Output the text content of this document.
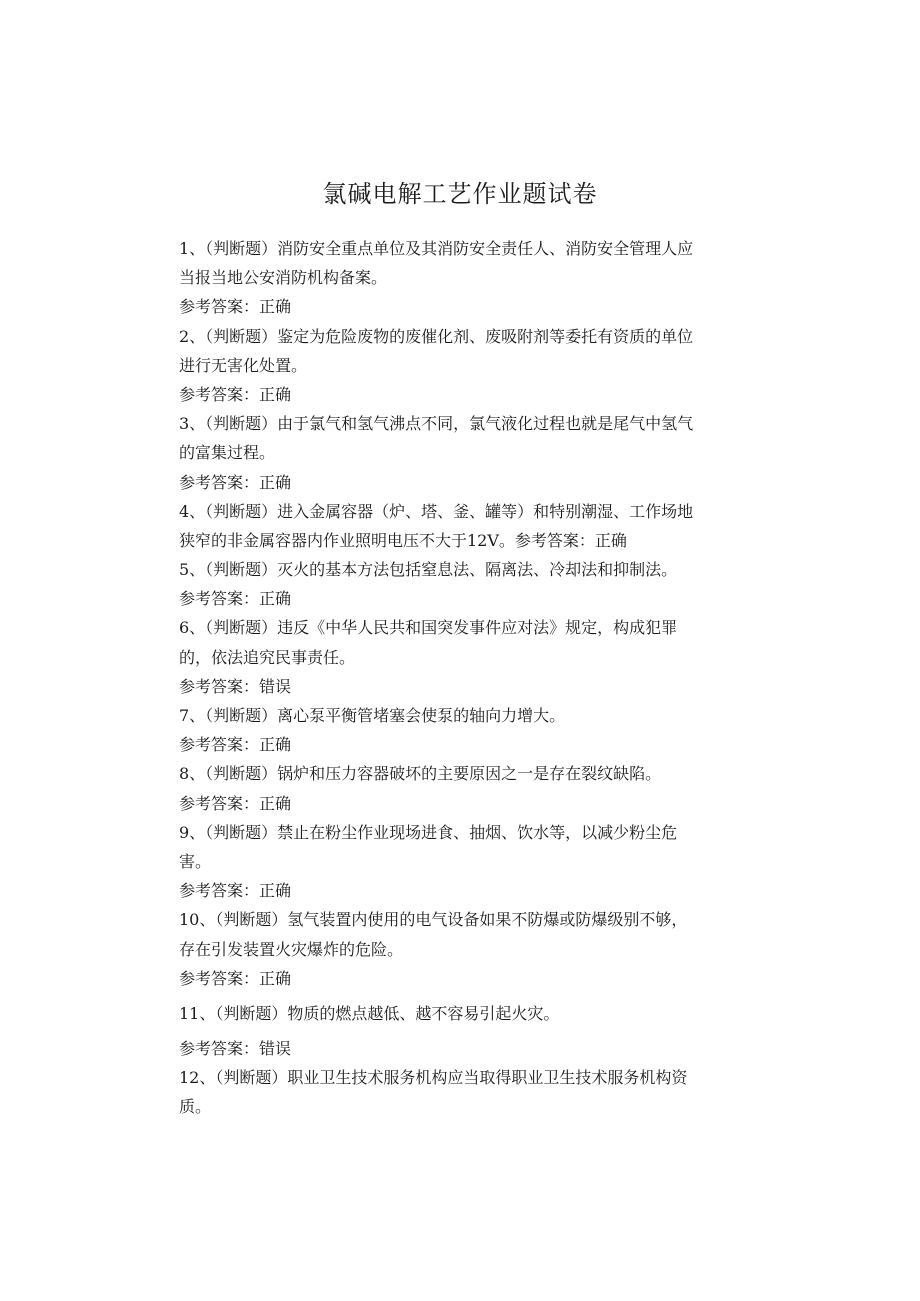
氯碱电解工艺作业题试卷
1、（判断题）消防安全重点单位及其消防安全责任人、消防安全管理人应
当报当地公安消防机构备案。
参考答案：正确
2、（判断题）鉴定为危险废物的废催化剂、废吸附剂等委托有资质的单位
进行无害化处置。
参考答案：正确
3、（判断题）由于氯气和氢气沸点不同，氯气液化过程也就是尾气中氢气
的富集过程。
参考答案：正确
4、（判断题）进入金属容器（炉、塔、釜、罐等）和特别潮湿、工作场地
狭窄的非金属容器内作业照明电压不大于12V。参考答案：正确
5、（判断题）灭火的基本方法包括窒息法、隔离法、冷却法和抑制法。
参考答案：正确
6、（判断题）违反《中华人民共和国突发事件应对法》规定，构成犯罪
的，依法追究民事责任。
参考答案：错误
7、（判断题）离心泵平衡管堵塞会使泵的轴向力增大。
参考答案：正确
8、（判断题）锅炉和压力容器破坏的主要原因之一是存在裂纹缺陷。
参考答案：正确
9、（判断题）禁止在粉尘作业现场进食、抽烟、饮水等，以减少粉尘危
害。
参考答案：正确
10、（判断题）氢气装置内使用的电气设备如果不防爆或防爆级别不够，
存在引发装置火灾爆炸的危险。
参考答案：正确
11、（判断题）物质的燃点越低、越不容易引起火灾。
参考答案：错误
12、（判断题）职业卫生技术服务机构应当取得职业卫生技术服务机构资
质。
